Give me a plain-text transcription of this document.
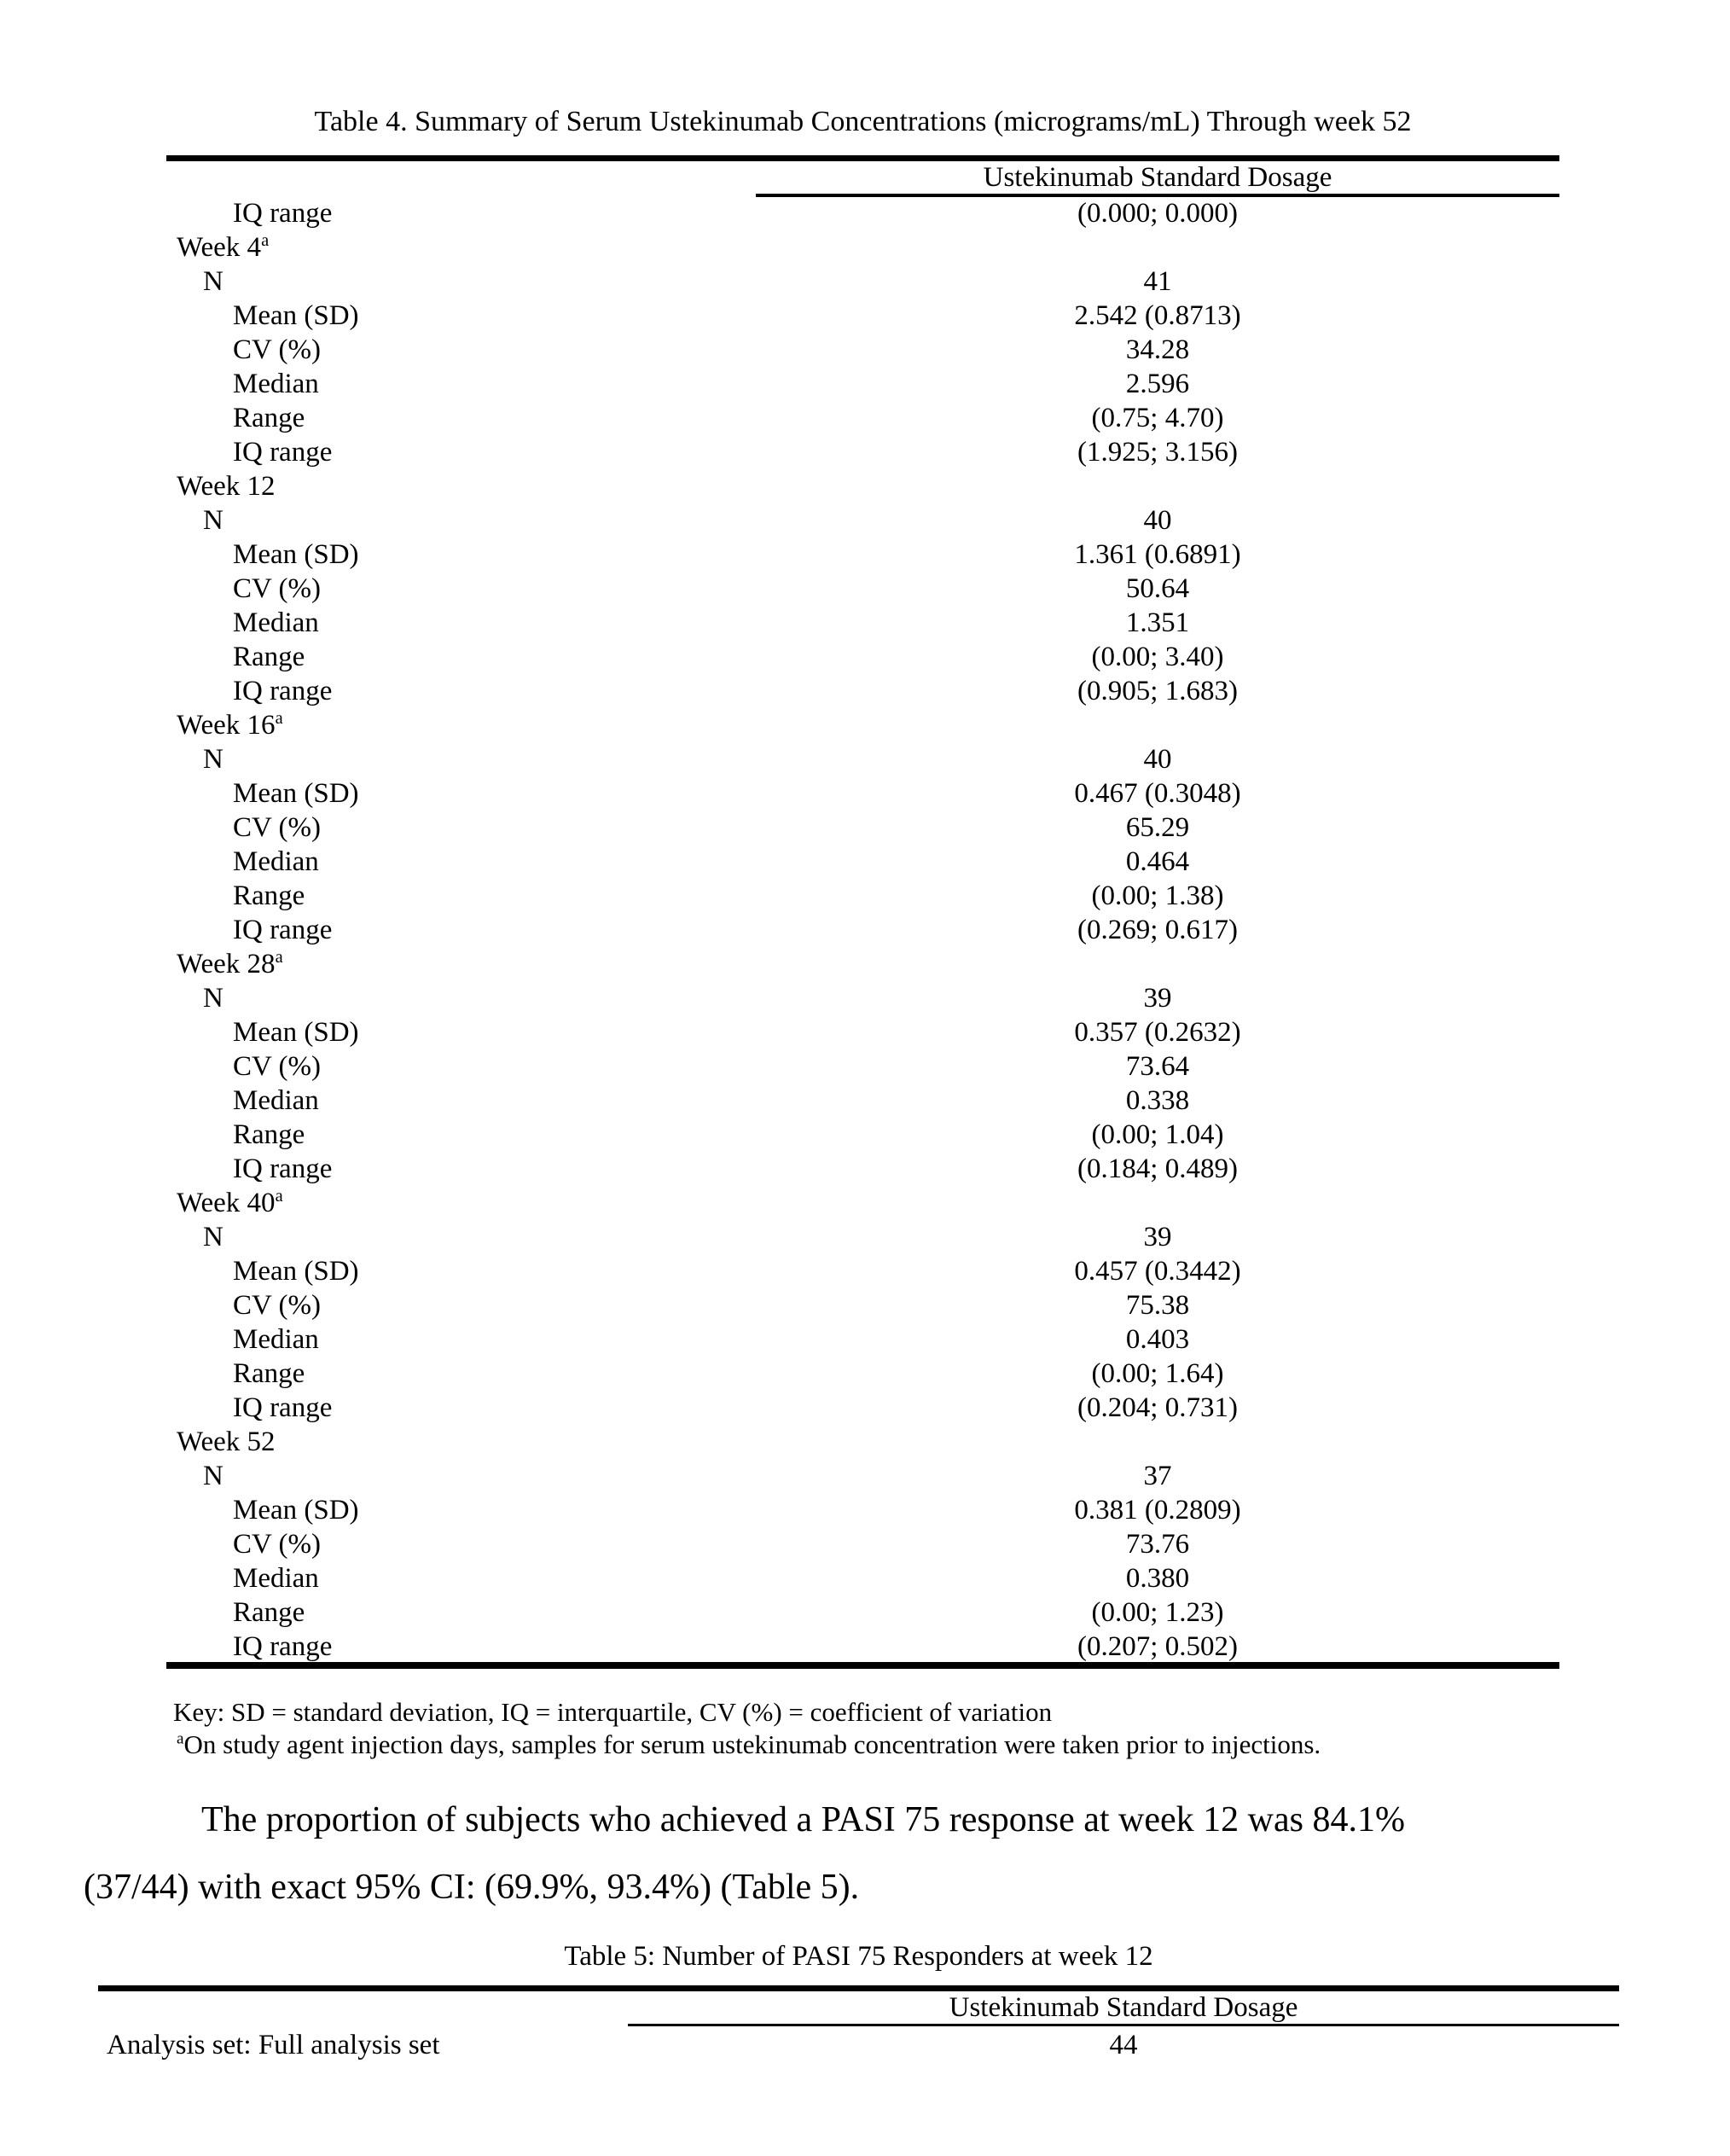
Table 4. Summary of Serum Ustekinumab Concentrations (micrograms/mL) Through week 52
Ustekinumab Standard Dosage
IQ range	(0.000; 0.000)
Week 4$^a$
N	41
Mean (SD)	2.542 (0.8713)
CV (%)	34.28
Median	2.596
Range	(0.75; 4.70)
IQ range	(1.925; 3.156)
Week 12
N	40
Mean (SD)	1.361 (0.6891)
CV (%)	50.64
Median	1.351
Range	(0.00; 3.40)
IQ range	(0.905; 1.683)
Week 16$^a$
N	40
Mean (SD)	0.467 (0.3048)
CV (%)	65.29
Median	0.464
Range	(0.00; 1.38)
IQ range	(0.269; 0.617)
Week 28$^a$
N	39
Mean (SD)	0.357 (0.2632)
CV (%)	73.64
Median	0.338
Range	(0.00; 1.04)
IQ range	(0.184; 0.489)
Week 40$^a$
N	39
Mean (SD)	0.457 (0.3442)
CV (%)	75.38
Median	0.403
Range	(0.00; 1.64)
IQ range	(0.204; 0.731)
Week 52
N	37
Mean (SD)	0.381 (0.2809)
CV (%)	73.76
Median	0.380
Range	(0.00; 1.23)
IQ range	(0.207; 0.502)
Key: SD = standard deviation, IQ = interquartile, CV (%) = coefficient of variation
$^a$On study agent injection days, samples for serum ustekinumab concentration were taken prior to injections.
The proportion of subjects who achieved a PASI 75 response at week 12 was 84.1%
(37/44) with exact 95% CI: (69.9%, 93.4%) (Table 5).
Table 5: Number of PASI 75 Responders at week 12
Ustekinumab Standard Dosage
Analysis set: Full analysis set	44
